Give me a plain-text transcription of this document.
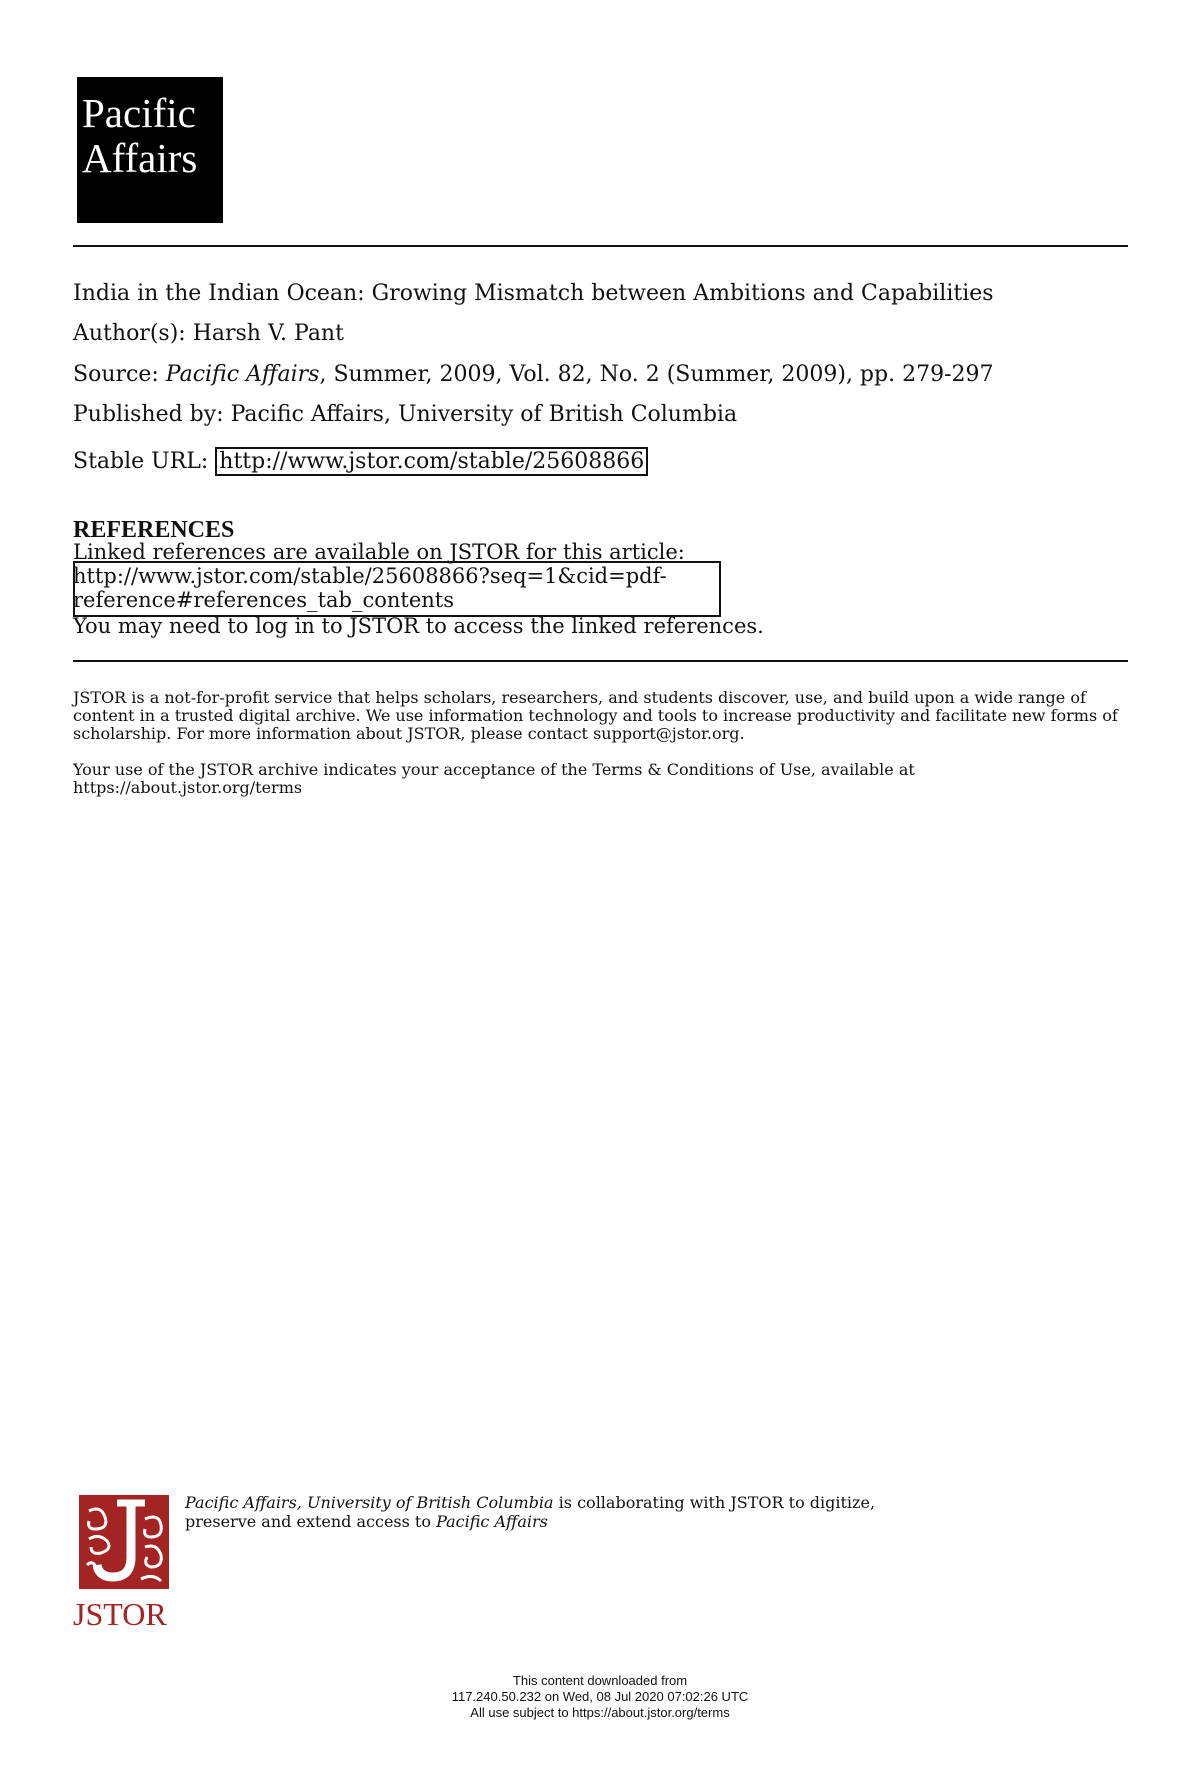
Pacific
Affairs
India in the Indian Ocean: Growing Mismatch between Ambitions and Capabilities
Author(s): Harsh V. Pant
Source: Pacific Affairs, Summer, 2009, Vol. 82, No. 2 (Summer, 2009), pp. 279-297
Published by: Pacific Affairs, University of British Columbia
Stable URL: http://www.jstor.com/stable/25608866
REFERENCES
Linked references are available on JSTOR for this article:
http://www.jstor.com/stable/25608866?seq=1&cid=pdf-
reference#references_tab_contents
You may need to log in to JSTOR to access the linked references.
JSTOR is a not-for-profit service that helps scholars, researchers, and students discover, use, and build upon a wide range of content in a trusted digital archive. We use information technology and tools to increase productivity and facilitate new forms of scholarship. For more information about JSTOR, please contact support@jstor.org.
Your use of the JSTOR archive indicates your acceptance of the Terms & Conditions of Use, available at https://about.jstor.org/terms
JSTOR
Pacific Affairs, University of British Columbia is collaborating with JSTOR to digitize,
preserve and extend access to Pacific Affairs
This content downloaded from
117.240.50.232 on Wed, 08 Jul 2020 07:02:26 UTC
All use subject to https://about.jstor.org/terms
